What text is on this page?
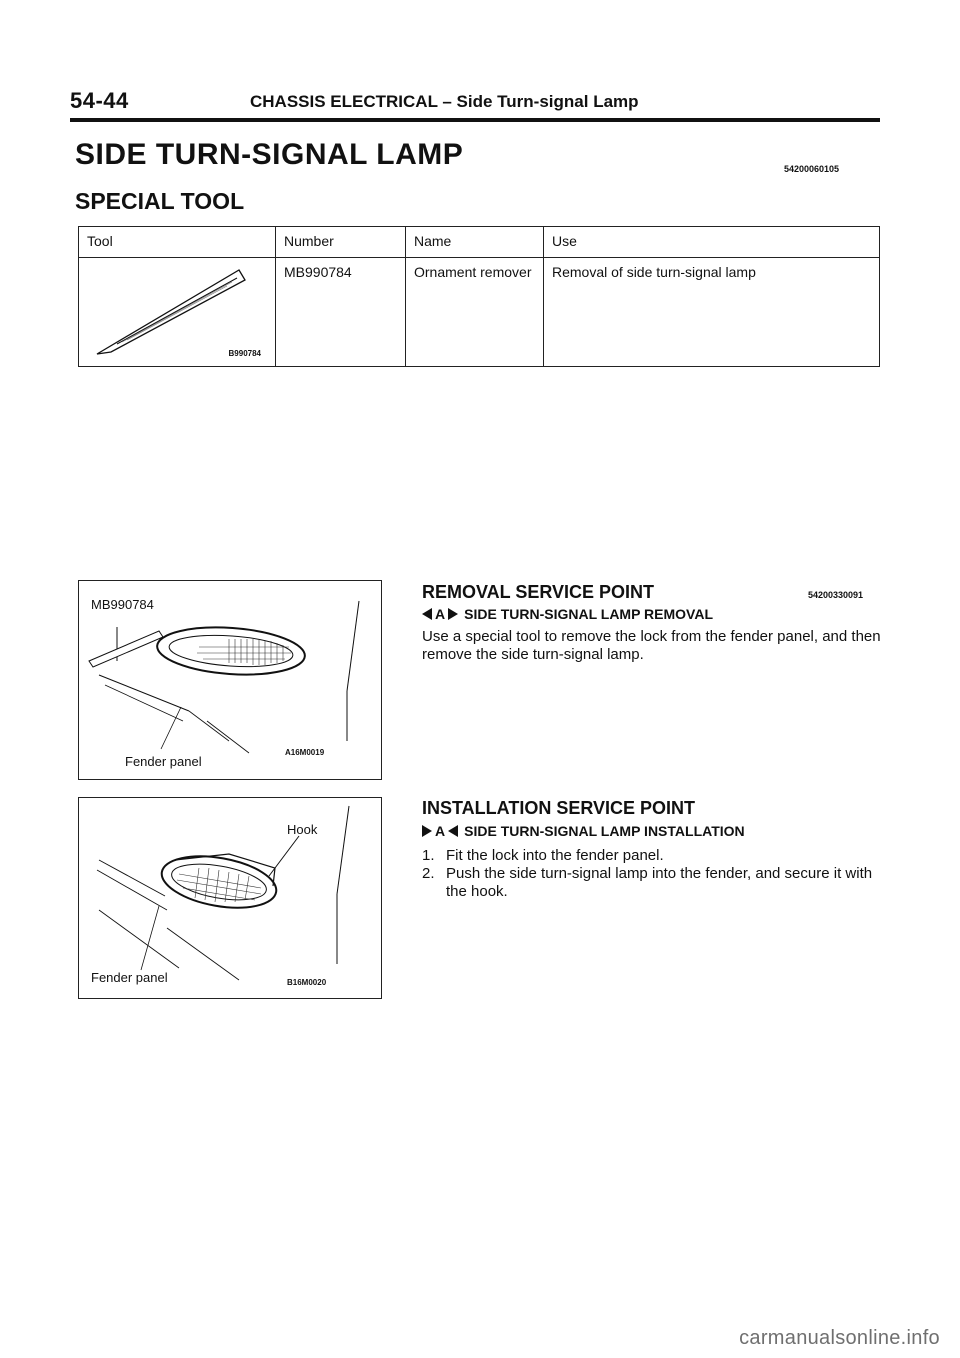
54-44	CHASSIS ELECTRICAL – Side Turn-signal Lamp
SIDE TURN-SIGNAL LAMP	54200060105
SPECIAL TOOL
Tool	Number	Name	Use

B990784	MB990784	Ornament remover	Removal of side turn-signal lamp
MB990784
Fender panel
A16M0019
Hook
Fender panel	B16M0020
REMOVAL SERVICE POINT	54200330091
A SIDE TURN-SIGNAL LAMP REMOVAL
Use a special tool to remove the lock from the fender panel, and then remove the side turn-signal lamp.
INSTALLATION SERVICE POINT
A SIDE TURN-SIGNAL LAMP INSTALLATION
1. Fit the lock into the fender panel.
2. Push the side turn-signal lamp into the fender, and secure it with the hook.
carmanualsonline.info
